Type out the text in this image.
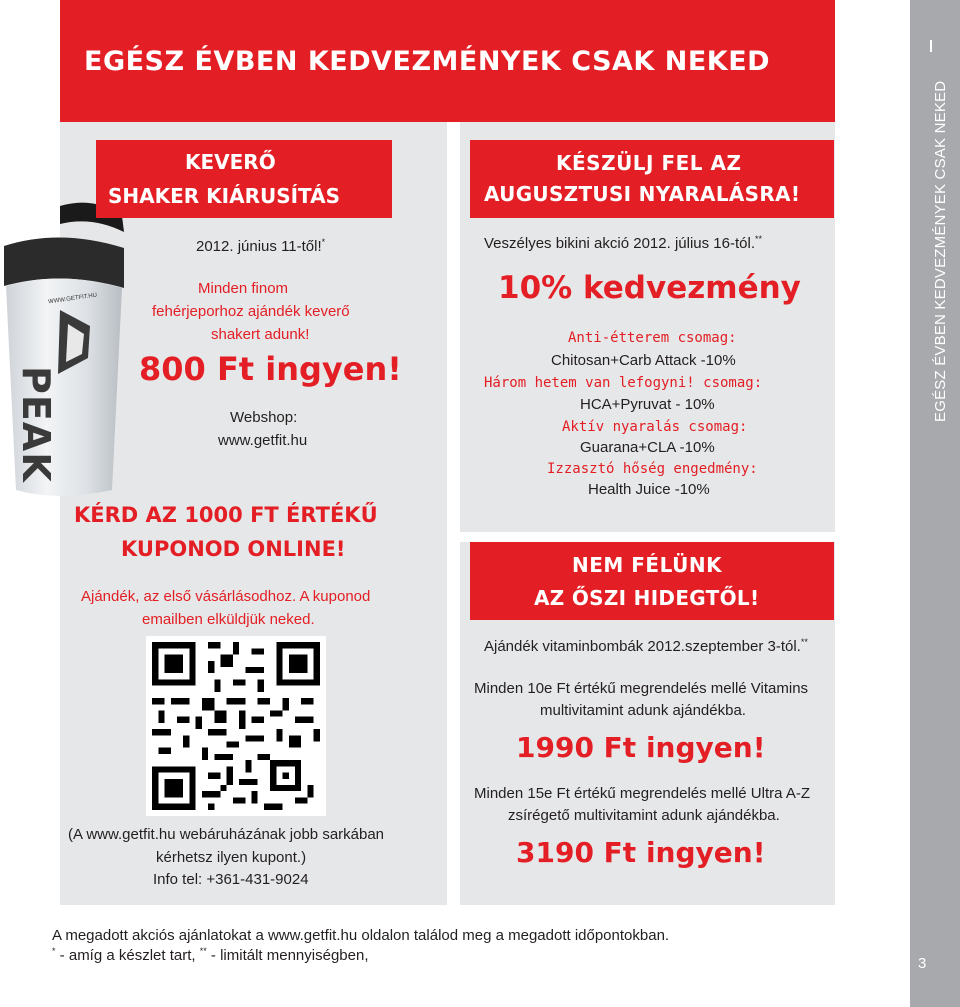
EGÉSZ ÉVBEN KEDVEZMÉNYEK CSAK NEKED
WWW.GETFIT.HU
PEAK
KEVERŐ
SHAKER KIÁRUSÍTÁS
2012. június 11-től!*
Minden finom
fehérjeporhoz ajándék keverő
shakert adunk!
800 Ft ingyen!
Webshop:
www.getfit.hu
KÉRD AZ 1000 FT ÉRTÉKŰ
KUPONOD ONLINE!
Ajándék, az első vásárlásodhoz. A kuponod
emailben elküldjük neked.
(A www.getfit.hu webáruházának jobb sarkában
kérhetsz ilyen kupont.)
Info tel: +361-431-9024
KÉSZÜLJ FEL AZ
AUGUSZTUSI NYARALÁSRA!
Veszélyes bikini akció 2012. július 16-tól.**
10% kedvezmény
Anti-étterem csomag:
Chitosan+Carb Attack -10%
Három hetem van lefogyni! csomag:
HCA+Pyruvat - 10%
Aktív nyaralás csomag:
Guarana+CLA -10%
Izzasztó hőség engedmény:
Health Juice -10%
NEM FÉLÜNK
AZ ŐSZI HIDEGTŐL!
Ajándék vitaminbombák 2012.szeptember 3-tól.**
Minden 10e Ft értékű megrendelés mellé Vitamins
multivitamint adunk ajándékba.
1990 Ft ingyen!
Minden 15e Ft értékű megrendelés mellé Ultra A-Z
zsírégető multivitamint adunk ajándékba.
3190 Ft ingyen!
A megadott akciós ajánlatokat a www.getfit.hu oldalon találod meg a megadott időpontokban.
* - amíg a készlet tart, ** - limitált mennyiségben,
EGÉSZ ÉVBEN KEDVEZMÉNYEK CSAK NEKED
3
